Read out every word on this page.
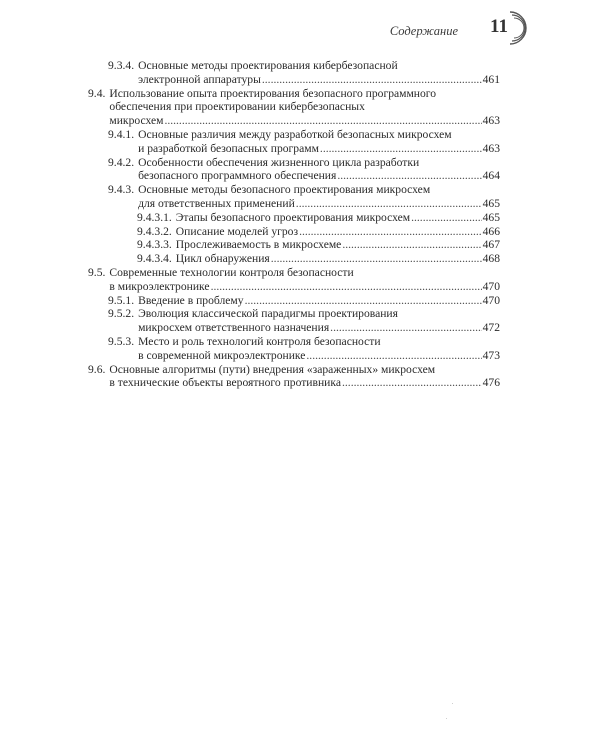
Содержание 11
9.3.4. Основные методы проектирования кибербезопасной
электронной аппаратуры .....	461
9.4. Использование опыта проектирования безопасного программного
обеспечения при проектировании кибербезопасных
микросхем .....	463
9.4.1. Основные различия между разработкой безопасных микросхем
и разработкой безопасных программ .....	463
9.4.2. Особенности обеспечения жизненного цикла разработки
безопасного программного обеспечения .....	464
9.4.3. Основные методы безопасного проектирования микросхем
для ответственных применений .....	465
9.4.3.1. Этапы безопасного проектирования микросхем .....	465
9.4.3.2. Описание моделей угроз .....	466
9.4.3.3. Прослеживаемость в микросхеме .....	467
9.4.3.4. Цикл обнаружения .....	468
9.5. Современные технологии контроля безопасности
в микроэлектронике .....	470
9.5.1. Введение в проблему .....	470
9.5.2. Эволюция классической парадигмы проектирования
микросхем ответственного назначения .....	472
9.5.3. Место и роль технологий контроля безопасности
в современной микроэлектронике .....	473
9.6. Основные алгоритмы (пути) внедрения «зараженных» микросхем
в технические объекты вероятного противника .....	476
